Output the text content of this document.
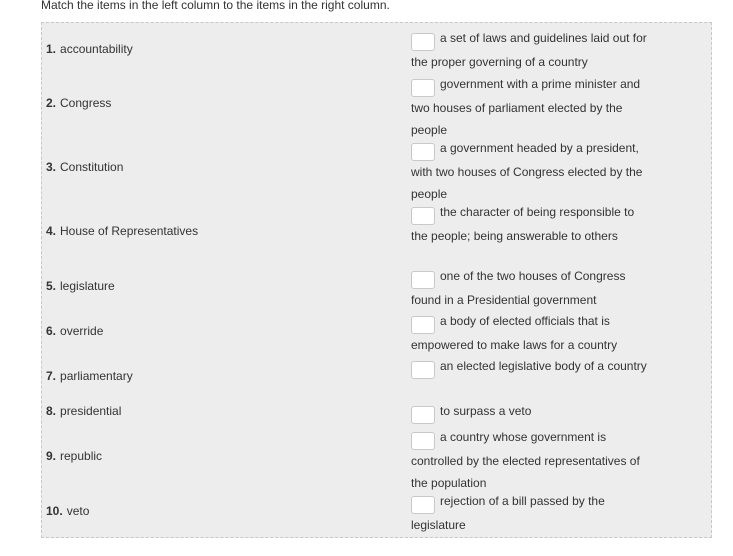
Match the items in the left column to the items in the right column.
1. accountability
2. Congress
3. Constitution
4. House of Representatives
5. legislature
6. override
7. parliamentary
8. presidential
9. republic
10. veto
a set of laws and guidelines laid out for the proper governing of a country
government with a prime minister and two houses of parliament elected by the people
a government headed by a president, with two houses of Congress elected by the people
the character of being responsible to the people; being answerable to others
one of the two houses of Congress found in a Presidential government
a body of elected officials that is empowered to make laws for a country
an elected legislative body of a country
to surpass a veto
a country whose government is controlled by the elected representatives of the population
rejection of a bill passed by the legislature
